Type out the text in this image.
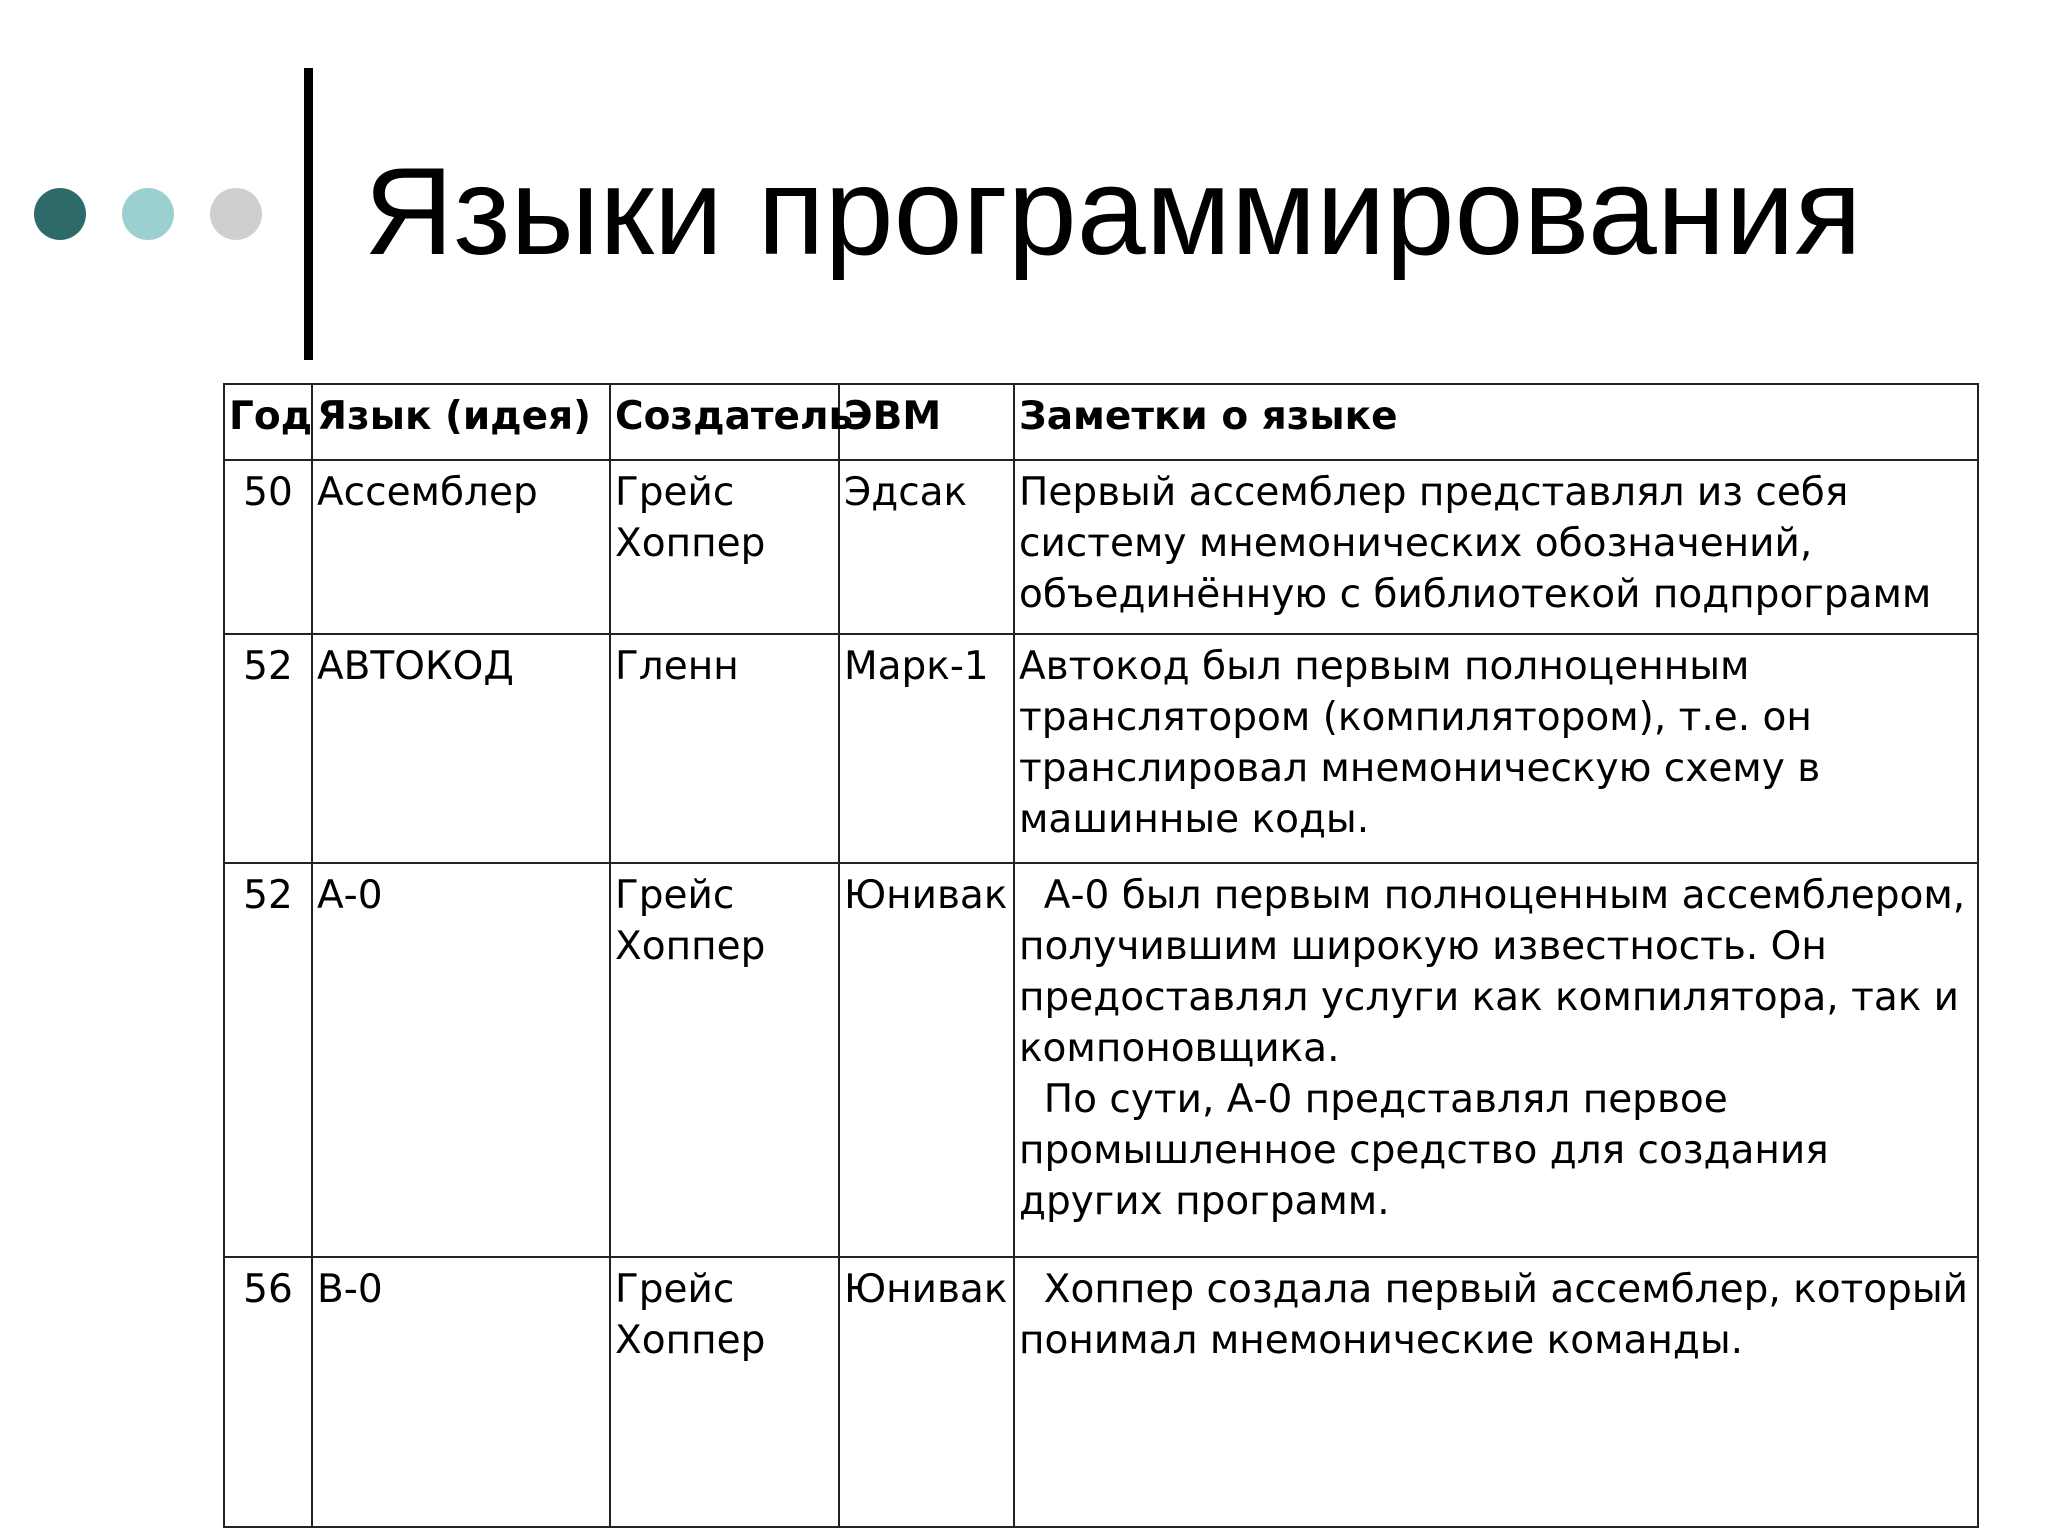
Языки программирования
Год	Язык (идея)	Создатель	ЭВМ	Заметки о языке
50	Ассемблер	Грейс Хоппер	Эдсак	Первый ассемблер представлял из себя систему мнемонических обозначений, объединённую с библиотекой подпрограмм
52	АВТОКОД	Гленн	Марк-1	Автокод был первым полноценным транслятором (компилятором), т.е. он транслировал мнемоническую схему в машинные коды.
52	А-0	Грейс Хоппер	Юнивак	А-0 был первым полноценным ассемблером, получившим широкую известность. Он предоставлял услуги как компилятора, так и компоновщика.
По сути, А-0 представлял первое промышленное средство для создания других программ.
56	В-0	Грейс Хоппер	Юнивак	Хоппер создала первый ассемблер, который понимал мнемонические команды.
